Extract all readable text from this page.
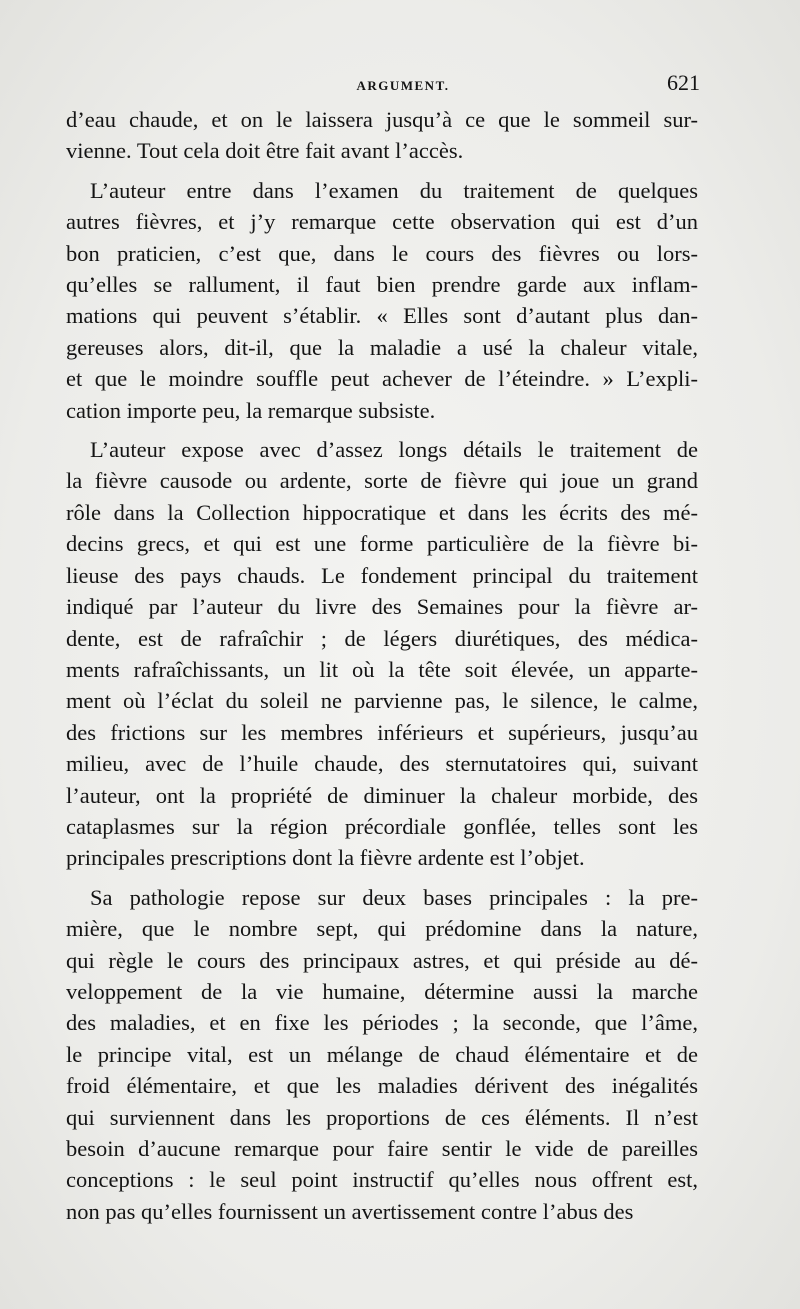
ARGUMENT.	621
d’eau chaude, et on le laissera jusqu’à ce que le sommeil sur-
vienne. Tout cela doit être fait avant l’accès.
L’auteur entre dans l’examen du traitement de quelques
autres fièvres, et j’y remarque cette observation qui est d’un
bon praticien, c’est que, dans le cours des fièvres ou lors-
qu’elles se rallument, il faut bien prendre garde aux inflam-
mations qui peuvent s’établir. « Elles sont d’autant plus dan-
gereuses alors, dit-il, que la maladie a usé la chaleur vitale,
et que le moindre souffle peut achever de l’éteindre. » L’expli-
cation importe peu, la remarque subsiste.
L’auteur expose avec d’assez longs détails le traitement de
la fièvre causode ou ardente, sorte de fièvre qui joue un grand
rôle dans la Collection hippocratique et dans les écrits des mé-
decins grecs, et qui est une forme particulière de la fièvre bi-
lieuse des pays chauds. Le fondement principal du traitement
indiqué par l’auteur du livre des Semaines pour la fièvre ar-
dente, est de rafraîchir ; de légers diurétiques, des médica-
ments rafraîchissants, un lit où la tête soit élevée, un apparte-
ment où l’éclat du soleil ne parvienne pas, le silence, le calme,
des frictions sur les membres inférieurs et supérieurs, jusqu’au
milieu, avec de l’huile chaude, des sternutatoires qui, suivant
l’auteur, ont la propriété de diminuer la chaleur morbide, des
cataplasmes sur la région précordiale gonflée, telles sont les
principales prescriptions dont la fièvre ardente est l’objet.
Sa pathologie repose sur deux bases principales : la pre-
mière, que le nombre sept, qui prédomine dans la nature,
qui règle le cours des principaux astres, et qui préside au dé-
veloppement de la vie humaine, détermine aussi la marche
des maladies, et en fixe les périodes ; la seconde, que l’âme,
le principe vital, est un mélange de chaud élémentaire et de
froid élémentaire, et que les maladies dérivent des inégalités
qui surviennent dans les proportions de ces éléments. Il n’est
besoin d’aucune remarque pour faire sentir le vide de pareilles
conceptions : le seul point instructif qu’elles nous offrent est,
non pas qu’elles fournissent un avertissement contre l’abus des
